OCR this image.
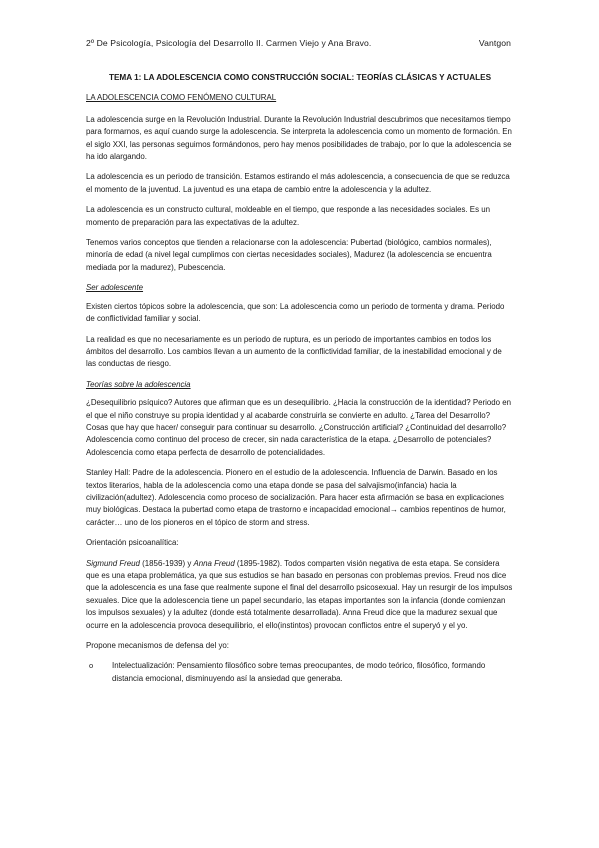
2º De Psicología, Psicología del Desarrollo II. Carmen Viejo y Ana Bravo.	Vantgon
TEMA 1: LA ADOLESCENCIA COMO CONSTRUCCIÓN SOCIAL: TEORÍAS CLÁSICAS Y ACTUALES
LA ADOLESCENCIA COMO FENÓMENO CULTURAL

La adolescencia surge en la Revolución Industrial. Durante la Revolución Industrial descubrimos que necesitamos tiempo para formarnos, es aquí cuando surge la adolescencia. Se interpreta la adolescencia como un momento de formación. En el siglo XXI, las personas seguimos formándonos, pero hay menos posibilidades de trabajo, por lo que la adolescencia se ha ido alargando.

La adolescencia es un periodo de transición. Estamos estirando el más adolescencia, a consecuencia de que se reduzca el momento de la juventud. La juventud es una etapa de cambio entre la adolescencia y la adultez.

La adolescencia es un constructo cultural, moldeable en el tiempo, que responde a las necesidades sociales. Es un momento de preparación para las expectativas de la adultez.

Tenemos varios conceptos que tienden a relacionarse con la adolescencia: Pubertad (biológico, cambios normales), minoría de edad (a nivel legal cumplimos con ciertas necesidades sociales), Madurez (la adolescencia se encuentra mediada por la madurez), Pubescencia.

Ser adolescente

Existen ciertos tópicos sobre la adolescencia, que son: La adolescencia como un periodo de tormenta y drama. Periodo de conflictividad familiar y social.

La realidad es que no necesariamente es un periodo de ruptura, es un periodo de importantes cambios en todos los ámbitos del desarrollo. Los cambios llevan a un aumento de la conflictividad familiar, de la inestabilidad emocional y de las conductas de riesgo.

Teorías sobre la adolescencia

¿Desequilibrio psíquico? Autores que afirman que es un desequilibrio. ¿Hacia la construcción de la identidad? Periodo en el que el niño construye su propia identidad y al acabarde construirla se convierte en adulto. ¿Tarea del Desarrollo? Cosas que hay que hacer/ conseguir para continuar su desarrollo. ¿Construcción artificial? ¿Continuidad del desarrollo? Adolescencia como continuo del proceso de crecer, sin nada característica de la etapa. ¿Desarrollo de potenciales? Adolescencia como etapa perfecta de desarrollo de potencialidades.

Stanley Hall: Padre de la adolescencia. Pionero en el estudio de la adolescencia. Influencia de Darwin. Basado en los textos literarios, habla de la adolescencia como una etapa donde se pasa del salvajismo(infancia) hacia la civilización(adultez). Adolescencia como proceso de socialización. Para hacer esta afirmación se basa en explicaciones muy biológicas. Destaca la pubertad como etapa de trastorno e incapacidad emocional→ cambios repentinos de humor, carácter… uno de los pioneros en el tópico de storm and stress.

Orientación psicoanalítica:

Sigmund Freud (1856-1939) y Anna Freud (1895-1982). Todos comparten visión negativa de esta etapa. Se considera que es una etapa problemática, ya que sus estudios se han basado en personas con problemas previos. Freud nos dice que la adolescencia es una fase que realmente supone el final del desarrollo psicosexual. Hay un resurgir de los impulsos sexuales. Dice que la adolescencia tiene un papel secundario, las etapas importantes son la infancia (donde comienzan los impulsos sexuales) y la adultez (donde está totalmente desarrollada). Anna Freud dice que la madurez sexual que ocurre en la adolescencia provoca desequilibrio, el ello(instintos) provocan conflictos entre el superyó y el yo.

Propone mecanismos de defensa del yo:

o Intelectualización: Pensamiento filosófico sobre temas preocupantes, de modo teórico, filosófico, formando distancia emocional, disminuyendo así la ansiedad que generaba.
